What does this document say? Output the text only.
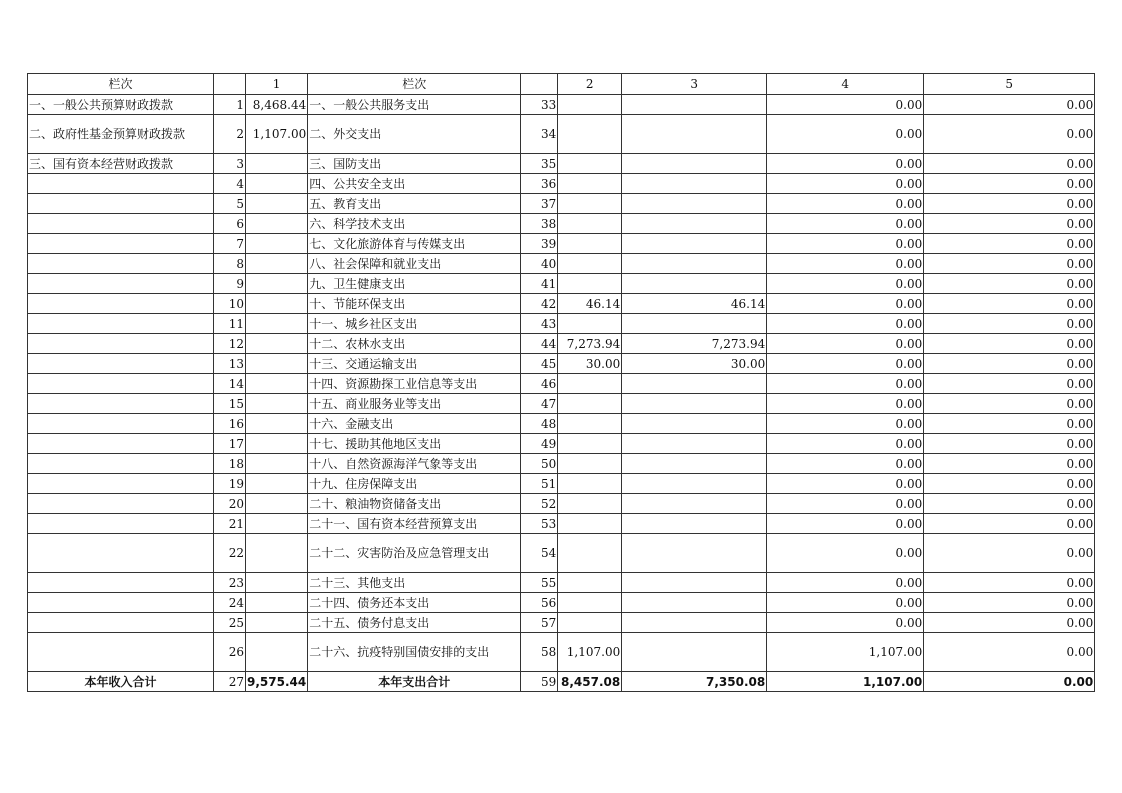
栏次		1	栏次		2	3	4	5
一、一般公共预算财政拨款	1	8,468.44	一、一般公共服务支出	33			0.00	0.00
二、政府性基金预算财政拨款	2	1,107.00	二、外交支出	34			0.00	0.00
三、国有资本经营财政拨款	3		三、国防支出	35			0.00	0.00
	4		四、公共安全支出	36			0.00	0.00
	5		五、教育支出	37			0.00	0.00
	6		六、科学技术支出	38			0.00	0.00
	7		七、文化旅游体育与传媒支出	39			0.00	0.00
	8		八、社会保障和就业支出	40			0.00	0.00
	9		九、卫生健康支出	41			0.00	0.00
	10		十、节能环保支出	42	46.14	46.14	0.00	0.00
	11		十一、城乡社区支出	43			0.00	0.00
	12		十二、农林水支出	44	7,273.94	7,273.94	0.00	0.00
	13		十三、交通运输支出	45	30.00	30.00	0.00	0.00
	14		十四、资源勘探工业信息等支出	46			0.00	0.00
	15		十五、商业服务业等支出	47			0.00	0.00
	16		十六、金融支出	48			0.00	0.00
	17		十七、援助其他地区支出	49			0.00	0.00
	18		十八、自然资源海洋气象等支出	50			0.00	0.00
	19		十九、住房保障支出	51			0.00	0.00
	20		二十、粮油物资储备支出	52			0.00	0.00
	21		二十一、国有资本经营预算支出	53			0.00	0.00
	22		二十二、灾害防治及应急管理支出	54			0.00	0.00
	23		二十三、其他支出	55			0.00	0.00
	24		二十四、债务还本支出	56			0.00	0.00
	25		二十五、债务付息支出	57			0.00	0.00
	26		二十六、抗疫特别国债安排的支出	58	1,107.00		1,107.00	0.00
本年收入合计	27	9,575.44	本年支出合计	59	8,457.08	7,350.08	1,107.00	0.00
